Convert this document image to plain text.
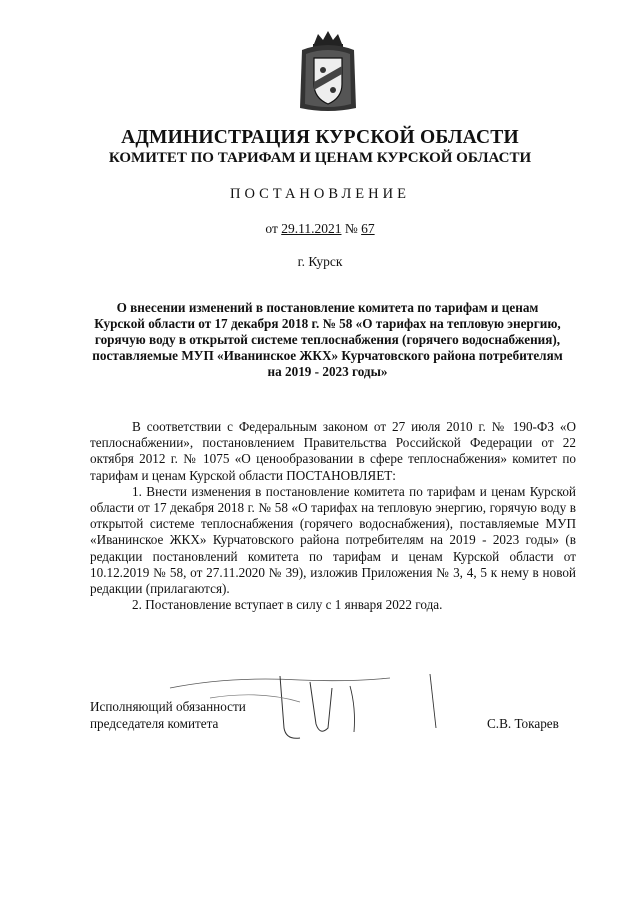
АДМИНИСТРАЦИЯ КУРСКОЙ ОБЛАСТИ
КОМИТЕТ ПО ТАРИФАМ И ЦЕНАМ КУРСКОЙ ОБЛАСТИ
ПОСТАНОВЛЕНИЕ
от 29.11.2021 № 67
г. Курск
О внесении изменений в постановление комитета по тарифам и ценам Курской области от 17 декабря 2018 г. № 58 «О тарифах на тепловую энергию, горячую воду в открытой системе теплоснабжения (горячего водоснабжения), поставляемые МУП «Иванинское ЖКХ» Курчатовского района потребителям на 2019 - 2023 годы»

В соответствии с Федеральным законом от 27 июля 2010 г. № 190-ФЗ «О теплоснабжении», постановлением Правительства Российской Федерации от 22 октября 2012 г. № 1075 «О ценообразовании в сфере теплоснабжения» комитет по тарифам и ценам Курской области ПОСТАНОВЛЯЕТ:

1. Внести изменения в постановление комитета по тарифам и ценам Курской области от 17 декабря 2018 г. № 58 «О тарифах на тепловую энергию, горячую воду в открытой системе теплоснабжения (горячего водоснабжения), поставляемые МУП «Иванинское ЖКХ» Курчатовского района потребителям на 2019 - 2023 годы» (в редакции постановлений комитета по тарифам и ценам Курской области от 10.12.2019 № 58, от 27.11.2020 № 39), изложив Приложения № 3, 4, 5 к нему в новой редакции (прилагаются).

2. Постановление вступает в силу с 1 января 2022 года.

Исполняющий обязанности
председателя комитета	С.В. Токарев
